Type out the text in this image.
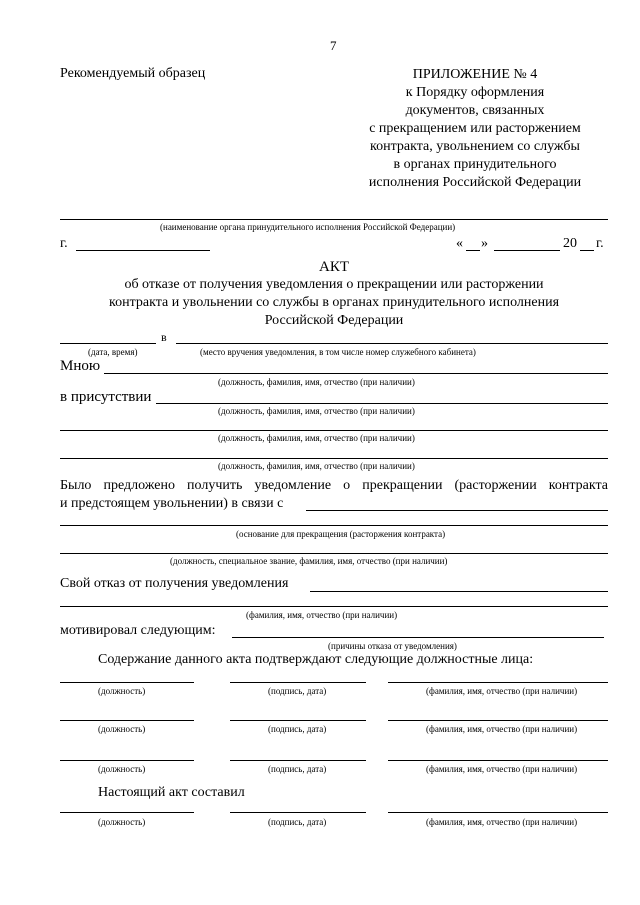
7
Рекомендуемый образец	ПРИЛОЖЕНИЕ № 4
к Порядку оформления
документов, связанных
с прекращением или расторжением
контракта, увольнением со службы
в органах принудительного
исполнения Российской Федерации
(наименование органа принудительного исполнения Российской Федерации)
г.	« »	20 г.
АКТ
об отказе от получения уведомления о прекращении или расторжении
контракта и увольнении со службы в органах принудительного исполнения
Российской Федерации
в
(дата, время)	(место вручения уведомления, в том числе номер служебного кабинета)
Мною
(должность, фамилия, имя, отчество (при наличии)
в присутствии
(должность, фамилия, имя, отчество (при наличии)
(должность, фамилия, имя, отчество (при наличии)
(должность, фамилия, имя, отчество (при наличии)
Было предложено получить уведомление о прекращении (расторжении контракта
и предстоящем увольнении) в связи с
(основание для прекращения (расторжения контракта)
(должность, специальное звание, фамилия, имя, отчество (при наличии)
Свой отказ от получения уведомления
(фамилия, имя, отчество (при наличии)
мотивировал следующим:
(причины отказа от уведомления)
Содержание данного акта подтверждают следующие должностные лица:
(должность)	(подпись, дата)	(фамилия, имя, отчество (при наличии)
(должность)	(подпись, дата)	(фамилия, имя, отчество (при наличии)
(должность)	(подпись, дата)	(фамилия, имя, отчество (при наличии)
Настоящий акт составил
(должность)	(подпись, дата)	(фамилия, имя, отчество (при наличии)
